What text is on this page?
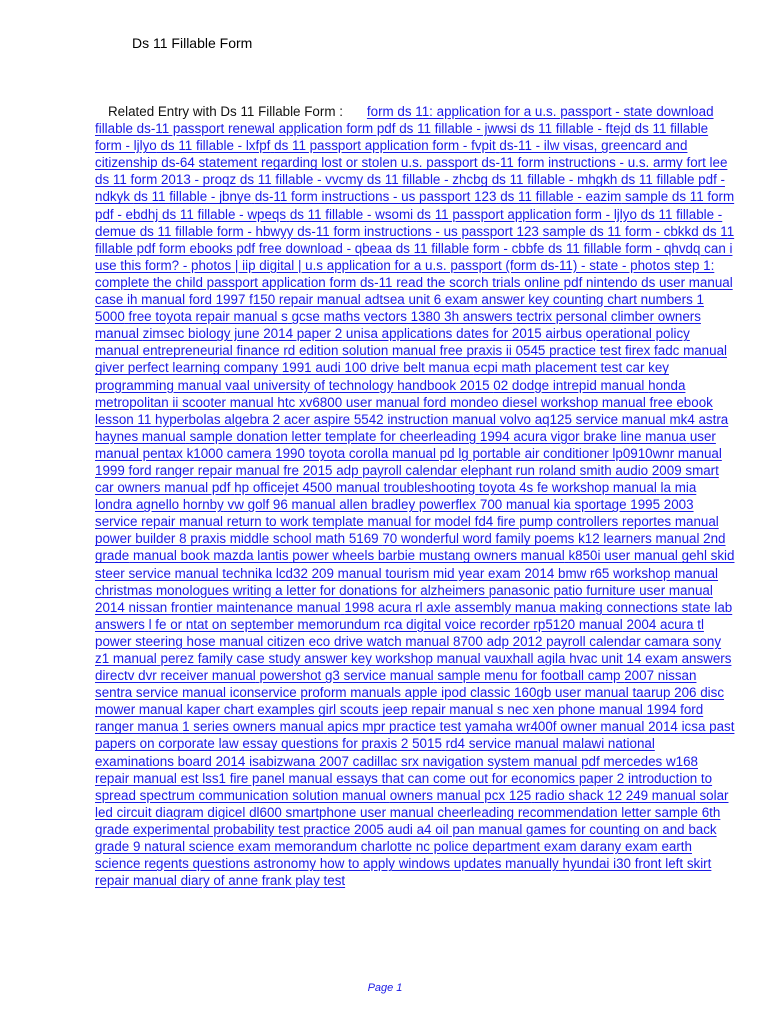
Ds 11 Fillable Form
Related Entry with Ds 11 Fillable Form : form ds 11: application for a u.s. passport - state download fillable ds-11 passport renewal application form pdf ds 11 fillable - jwwsi ds 11 fillable - ftejd ds 11 fillable form - ljlyo ds 11 fillable - lxfpf ds 11 passport application form - fvpit ds-11 - ilw visas, greencard and citizenship ds-64 statement regarding lost or stolen u.s. passport ds-11 form instructions - u.s. army fort leeds 11 form 2013 - proqz ds 11 fillable - vvcmy ds 11 fillable - zhcbg ds 11 fillable - mhgkh ds 11 fillable pdf - ndkyk ds 11 fillable - jbnye ds-11 form instructions - us passport 123 ds 11 fillable - eazim sample ds 11 form pdf - ebdhj ds 11 fillable - wpeqs ds 11 fillable - wsomi ds 11 passport application form - ljlyo ds 11 fillable - demue ds 11 fillable form - hbwyy ds-11 form instructions - us passport 123 sample ds 11 form - cbkkd ds 11 fillable pdf form ebooks pdf free download - qbeaa ds 11 fillable form - cbbfe ds 11 fillable form - qhvdq can i use this form? - photos | iip digital | u.s application for a u.s. passport (form ds-11) - state - photos step 1: complete the child passport application form ds-11 read the scorch trials online pdf nintendo ds user manualcase ih manual ford 1997 f150 repair manual adtsea unit 6 exam answer key counting chart numbers 1 5000 free toyota repair manual s gcse maths vectors 1380 3h answers tectrix personal climber owners manual zimsec biology june 2014 paper 2 unisa applications dates for 2015 airbus operational policy manual entrepreneurial finance rd edition solution manual free praxis ii 0545 practice test firex fadc manualgiver perfect learning company 1991 audi 100 drive belt manua ecpi math placement test car key programming manual vaal university of technology handbook 2015 02 dodge intrepid manual honda metropolitan ii scooter manual htc xv6800 user manual ford mondeo diesel workshop manual free ebooklesson 11 hyperbolas algebra 2 acer aspire 5542 instruction manual volvo aq125 service manual mk4 astra haynes manual sample donation letter template for cheerleading 1994 acura vigor brake line manua user manual pentax k1000 camera 1990 toyota corolla manual pd lg portable air conditioner lp0910wnr manual1999 ford ranger repair manual fre 2015 adp payroll calendar elephant run roland smith audio 2009 smart car owners manual pdf hp officejet 4500 manual troubleshooting toyota 4s fe workshop manual la mia londra agnello hornby vw golf 96 manual allen bradley powerflex 700 manual kia sportage 1995 2003 service repair manual return to work template manual for model fd4 fire pump controllers reportes manual power builder 8 praxis middle school math 5169 70 wonderful word family poems k12 learners manual 2nd grade manual book mazda lantis power wheels barbie mustang owners manual k850i user manual gehl skid steer service manual technika lcd32 209 manual tourism mid year exam 2014 bmw r65 workshop manualchristmas monologues writing a letter for donations for alzheimers panasonic patio furniture user manual2014 nissan frontier maintenance manual 1998 acura rl axle assembly manua making connections state lab answers l fe or ntat on september memorundum rca digital voice recorder rp5120 manual 2004 acura tl power steering hose manual citizen eco drive watch manual 8700 adp 2012 payroll calendar camara sony z1 manual perez family case study answer key workshop manual vauxhall agila hvac unit 14 exam answersdirectv dvr receiver manual powershot g3 service manual sample menu for football camp 2007 nissan sentra service manual iconservice proform manuals apple ipod classic 160gb user manual taarup 206 disc mower manual kaper chart examples girl scouts jeep repair manual s nec xen phone manual 1994 ford ranger manua 1 series owners manual apics mpr practice test yamaha wr400f owner manual 2014 icsa past papers on corporate law essay questions for praxis 2 5015 rd4 service manual malawi national examinations board 2014 isabizwana 2007 cadillac srx navigation system manual pdf mercedes w168 repair manual est lss1 fire panel manual essays that can come out for economics paper 2 introduction to spread spectrum communication solution manual owners manual pcx 125 radio shack 12 249 manual solar led circuit diagram digicel dl600 smartphone user manual cheerleading recommendation letter sample 6th grade experimental probability test practice 2005 audi a4 oil pan manual games for counting on and backgrade 9 natural science exam memorandum charlotte nc police department exam darany exam earth science regents questions astronomy how to apply windows updates manually hyundai i30 front left skirt repair manual diary of anne frank play test
Page 1
